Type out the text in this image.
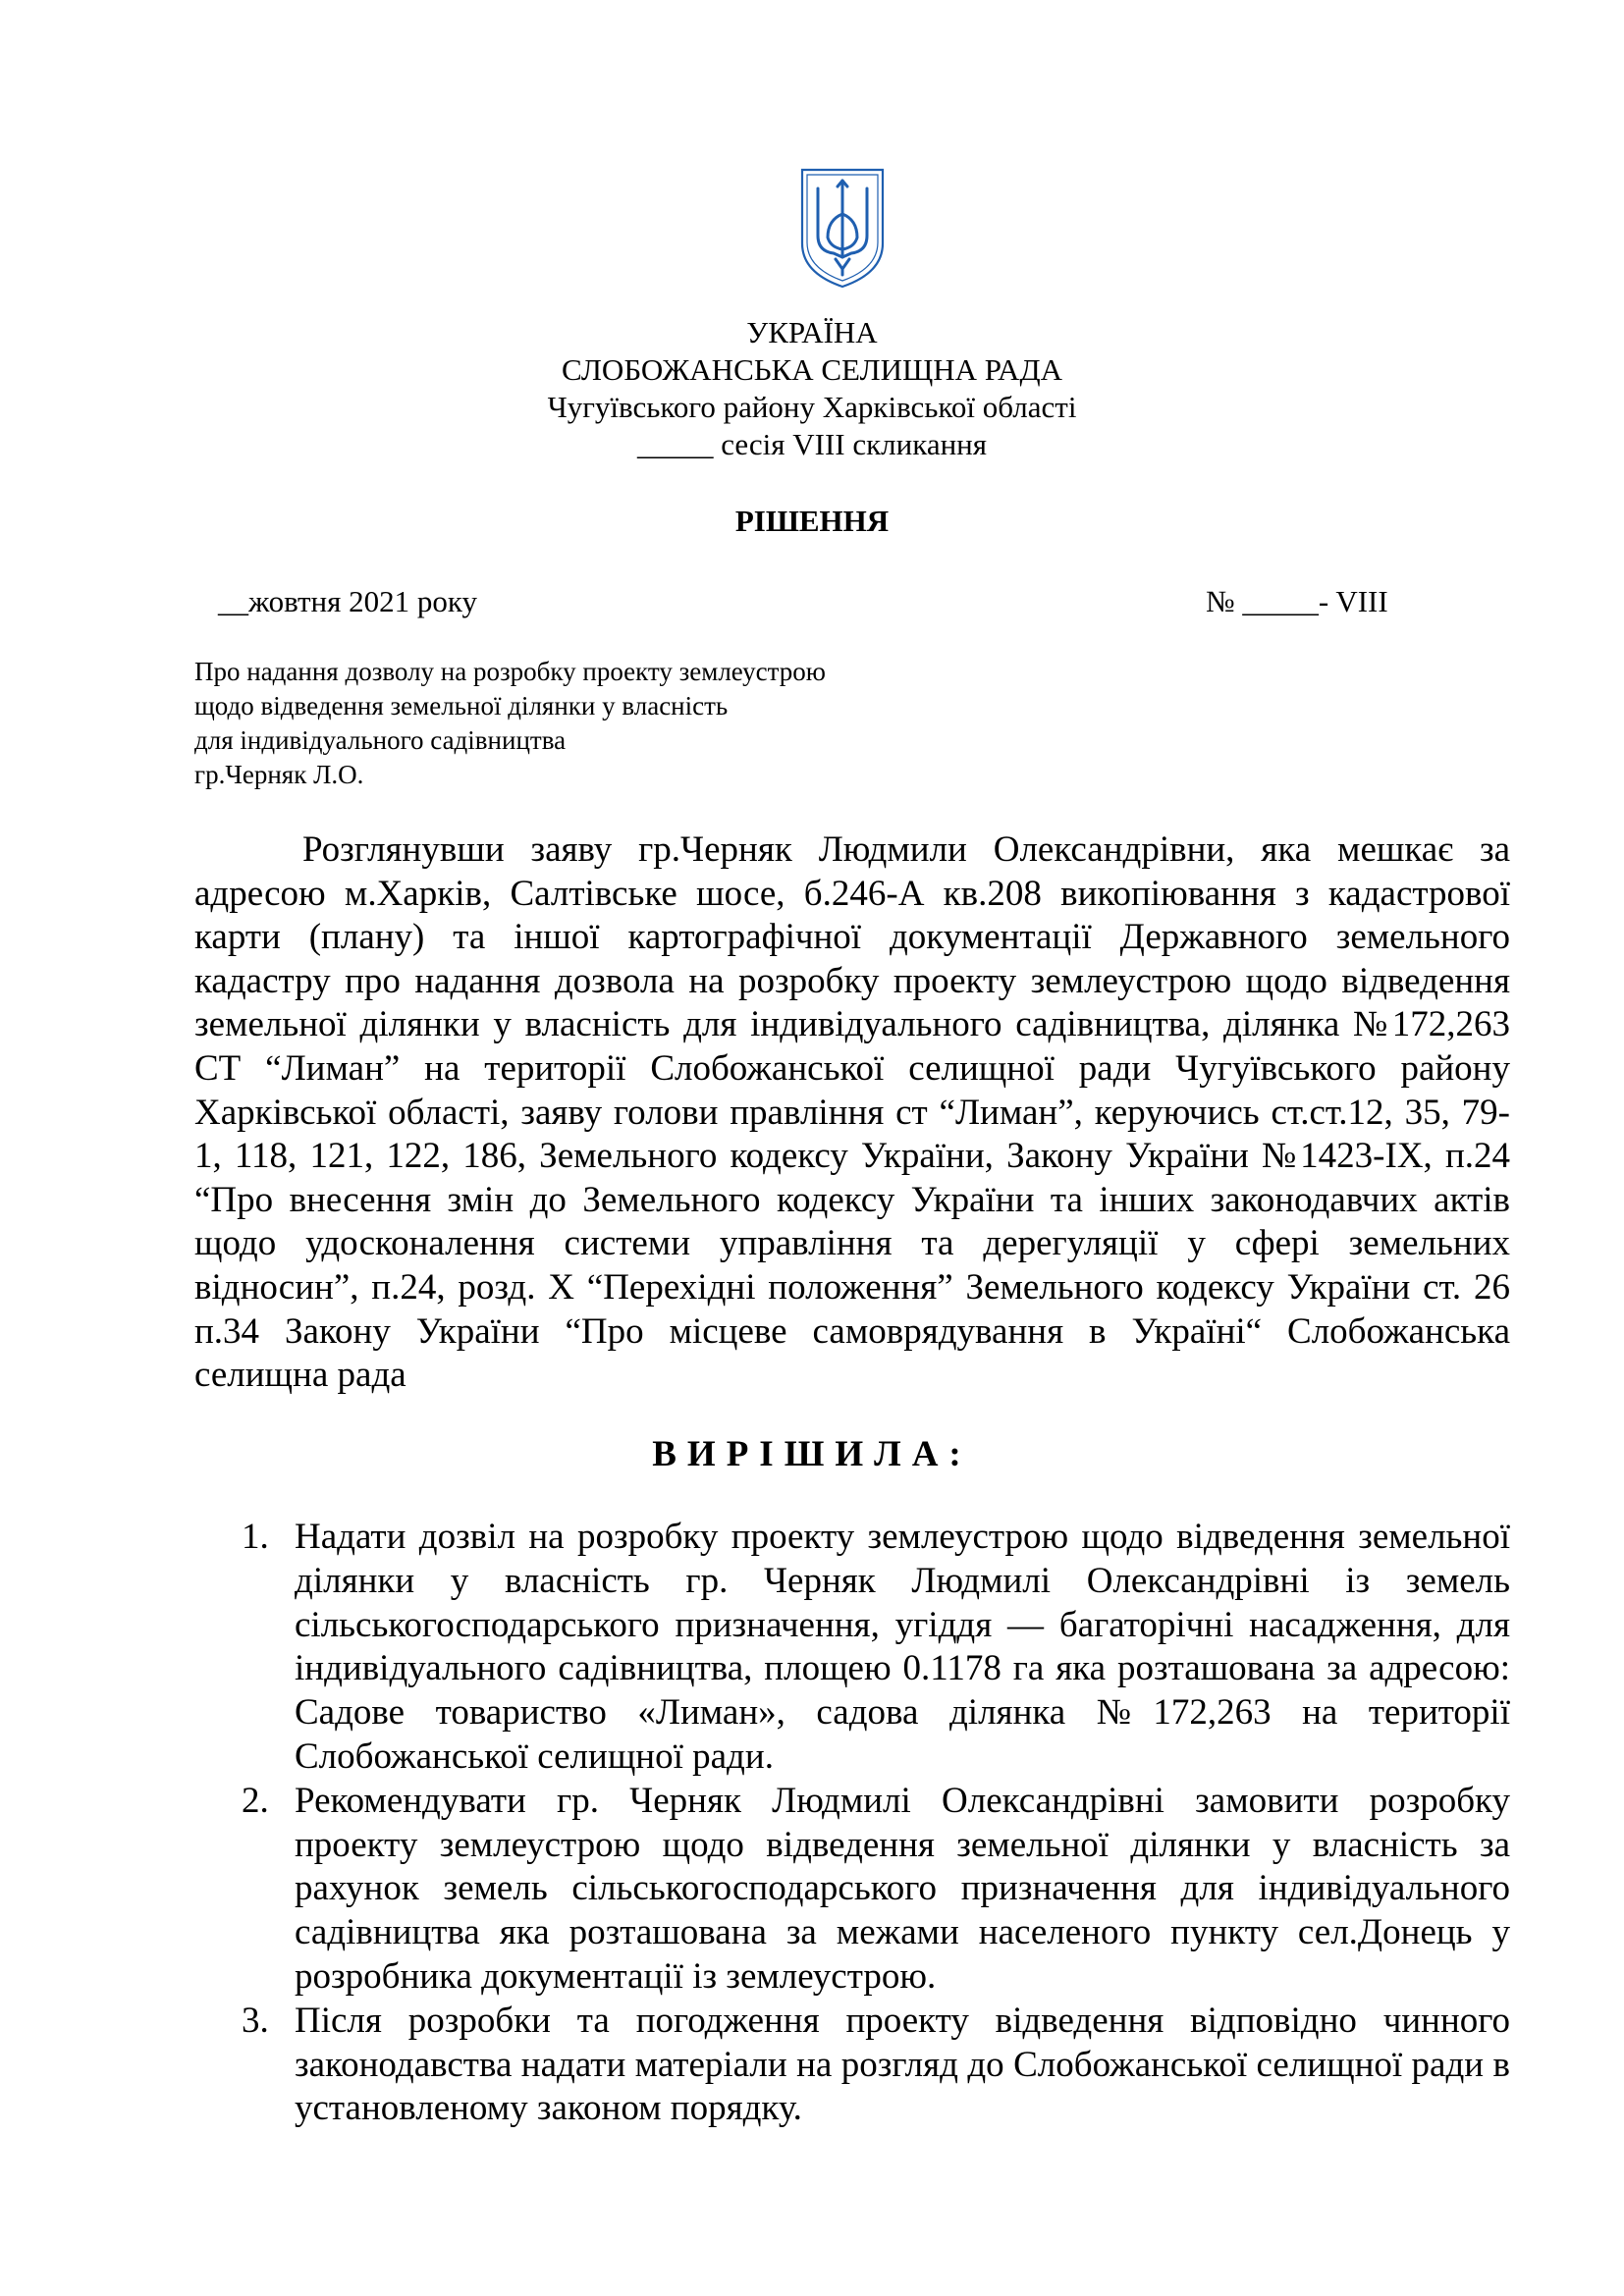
УКРАЇНА
СЛОБОЖАНСЬКА СЕЛИЩНА РАДА
Чугуївського району Харківської області
_____ сесія VIII скликання
РІШЕННЯ
__жовтня 2021 року	№ _____- VIII
Про надання дозволу на розробку проекту землеустрою
щодо відведення земельної ділянки у власність
для індивідуального садівництва
гр.Черняк Л.О.

Розглянувши заяву гр.Черняк Людмили Олександрівни, яка мешкає за адресою м.Харків, Салтівське шосе, б.246-А кв.208 викопіювання з кадастрової карти (плану) та іншої картографічної документації Державного земельного кадастру про надання дозвола на розробку проекту землеустрою щодо відведення земельної ділянки у власність для індивідуального садівництва, ділянка №172,263 СТ “Лиман” на території Слобожанської селищної ради Чугуївського району Харківської області, заяву голови правління ст “Лиман”, керуючись ст.ст.12, 35, 79-1, 118, 121, 122, 186, Земельного кодексу України, Закону України №1423-IX, п.24 “Про внесення змін до Земельного кодексу України та інших законодавчих актів щодо удосконалення системи управління та дерегуляції у сфері земельних відносин”, п.24, розд. Х “Перехідні положення” Земельного кодексу України ст. 26 п.34 Закону України “Про місцеве самоврядування в Україні“ Слобожанська селищна рада

ВИРІШИЛА:
1. Надати дозвіл на розробку проекту землеустрою щодо відведення земельної ділянки у власність гр. Черняк Людмилі Олександрівні із земель сільськогосподарського призначення, угіддя — багаторічні насадження, для індивідуального садівництва, площею 0.1178 га яка розташована за адресою: Садове товариство «Лиман», садова ділянка №172,263 на території Слобожанської селищної ради.
2. Рекомендувати гр. Черняк Людмилі Олександрівні замовити розробку проекту землеустрою щодо відведення земельної ділянки у власність за рахунок земель сільськогосподарського призначення для індивідуального садівництва яка розташована за межами населеного пункту сел.Донець у розробника документації із землеустрою.
3. Після розробки та погодження проекту відведення відповідно чинного законодавства надати матеріали на розгляд до Слобожанської селищної ради в установленому законом порядку.
